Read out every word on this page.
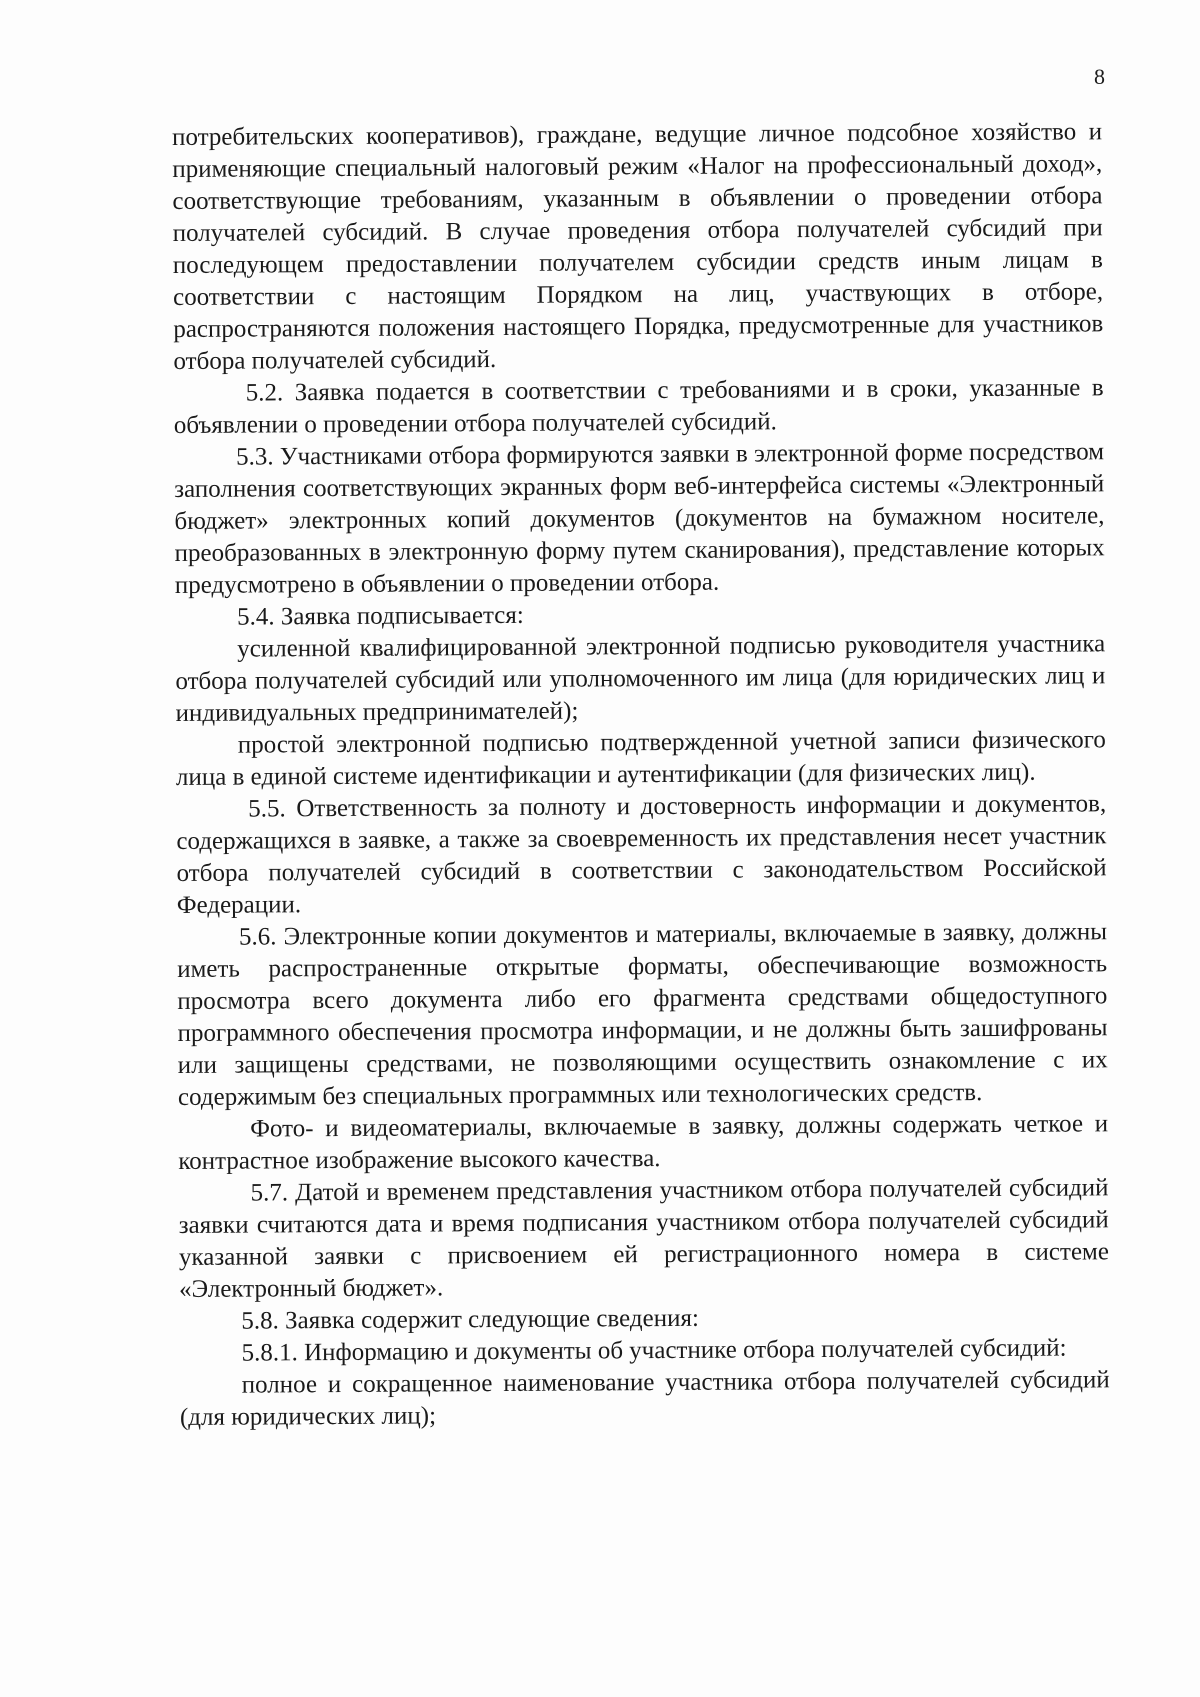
8

потребительских кооперативов), граждане, ведущие личное подсобное хозяйство и применяющие специальный налоговый режим «Налог на профессиональный доход», соответствующие требованиям, указанным в объявлении о проведении отбора получателей субсидий. В случае проведения отбора получателей субсидий при последующем предоставлении получателем субсидии средств иным лицам в соответствии с настоящим Порядком на лиц, участвующих в отборе, распространяются положения настоящего Порядка, предусмотренные для участников отбора получателей субсидий.

5.2. Заявка подается в соответствии с требованиями и в сроки, указанные в объявлении о проведении отбора получателей субсидий.

5.3. Участниками отбора формируются заявки в электронной форме посредством заполнения соответствующих экранных форм веб-интерфейса системы «Электронный бюджет» электронных копий документов (документов на бумажном носителе, преобразованных в электронную форму путем сканирования), представление которых предусмотрено в объявлении о проведении отбора.

5.4. Заявка подписывается:

усиленной квалифицированной электронной подписью руководителя участника отбора получателей субсидий или уполномоченного им лица (для юридических лиц и индивидуальных предпринимателей);

простой электронной подписью подтвержденной учетной записи физического лица в единой системе идентификации и аутентификации (для физических лиц).

5.5. Ответственность за полноту и достоверность информации и документов, содержащихся в заявке, а также за своевременность их представления несет участник отбора получателей субсидий в соответствии с законодательством Российской Федерации.

5.6. Электронные копии документов и материалы, включаемые в заявку, должны иметь распространенные открытые форматы, обеспечивающие возможность просмотра всего документа либо его фрагмента средствами общедоступного программного обеспечения просмотра информации, и не должны быть зашифрованы или защищены средствами, не позволяющими осуществить ознакомление с их содержимым без специальных программных или технологических средств.

Фото- и видеоматериалы, включаемые в заявку, должны содержать четкое и контрастное изображение высокого качества.

5.7. Датой и временем представления участником отбора получателей субсидий заявки считаются дата и время подписания участником отбора получателей субсидий указанной заявки с присвоением ей регистрационного номера в системе «Электронный бюджет».

5.8. Заявка содержит следующие сведения:

5.8.1. Информацию и документы об участнике отбора получателей субсидий:

полное и сокращенное наименование участника отбора получателей субсидий (для юридических лиц);
